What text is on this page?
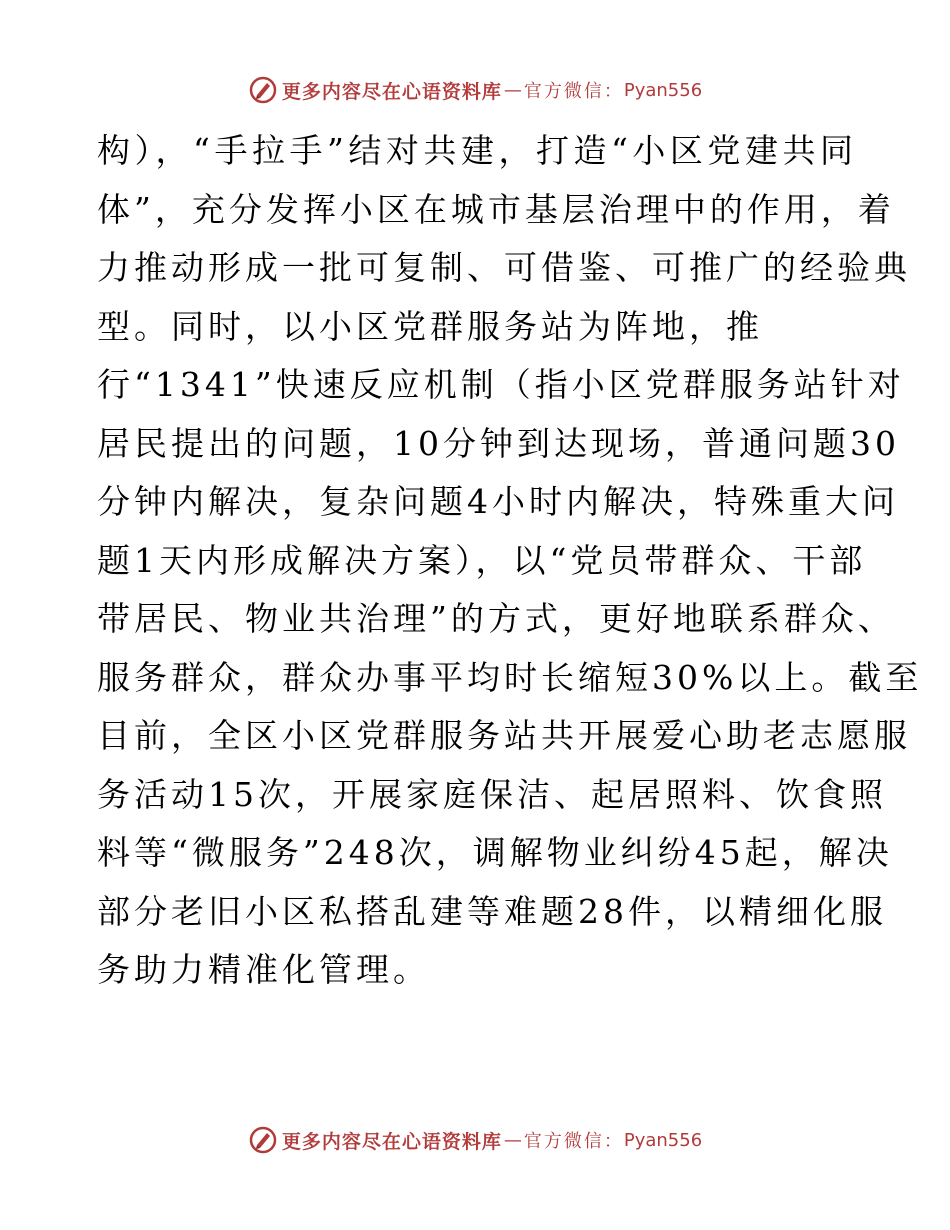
更多内容尽在心语资料库 — 官方微信： Pyan556
构），“手拉手”结对共建，打造“小区党建共同
体”，充分发挥小区在城市基层治理中的作用，着
力推动形成一批可复制、可借鉴、可推广的经验典
型。同时，以小区党群服务站为阵地，推
行“1341”快速反应机制（指小区党群服务站针对
居民提出的问题，10分钟到达现场，普通问题30
分钟内解决，复杂问题4小时内解决，特殊重大问
题1天内形成解决方案），以“党员带群众、干部
带居民、物业共治理”的方式，更好地联系群众、
服务群众，群众办事平均时长缩短30%以上。截至
目前，全区小区党群服务站共开展爱心助老志愿服
务活动15次，开展家庭保洁、起居照料、饮食照
料等“微服务”248次，调解物业纠纷45起，解决
部分老旧小区私搭乱建等难题28件，以精细化服
务助力精准化管理。
更多内容尽在心语资料库 — 官方微信： Pyan556
